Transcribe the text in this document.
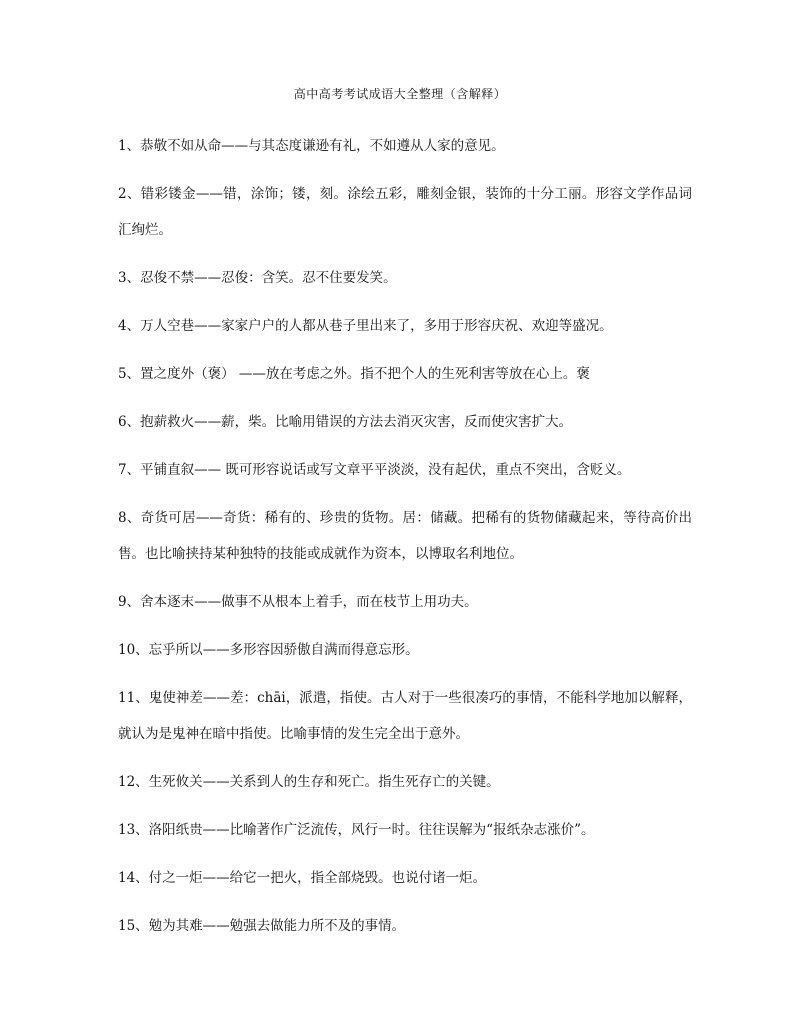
高中高考考试成语大全整理（含解释）
1、恭敬不如从命——与其态度谦逊有礼，不如遵从人家的意见。
2、错彩镂金——错，涂饰；镂，刻。涂绘五彩，雕刻金银，装饰的十分工丽。形容文学作品词汇绚烂。
3、忍俊不禁——忍俊：含笑。忍不住要发笑。
4、万人空巷——家家户户的人都从巷子里出来了，多用于形容庆祝、欢迎等盛况。
5、置之度外（褒） ——放在考虑之外。指不把个人的生死利害等放在心上。褒
6、抱薪救火——薪，柴。比喻用错误的方法去消灭灾害，反而使灾害扩大。
7、平铺直叙—— 既可形容说话或写文章平平淡淡，没有起伏，重点不突出，含贬义。
8、奇货可居——奇货：稀有的、珍贵的货物。居：储藏。把稀有的货物储藏起来，等待高价出售。也比喻挟持某种独特的技能或成就作为资本，以博取名利地位。
9、舍本逐末——做事不从根本上着手，而在枝节上用功夫。
10、忘乎所以——多形容因骄傲自满而得意忘形。
11、鬼使神差——差：chāi，派遣，指使。古人对于一些很凑巧的事情，不能科学地加以解释，就认为是鬼神在暗中指使。比喻事情的发生完全出于意外。
12、生死攸关——关系到人的生存和死亡。指生死存亡的关键。
13、洛阳纸贵——比喻著作广泛流传，风行一时。往往误解为“报纸杂志涨价”。
14、付之一炬——给它一把火，指全部烧毁。也说付诸一炬。
15、勉为其难——勉强去做能力所不及的事情。
